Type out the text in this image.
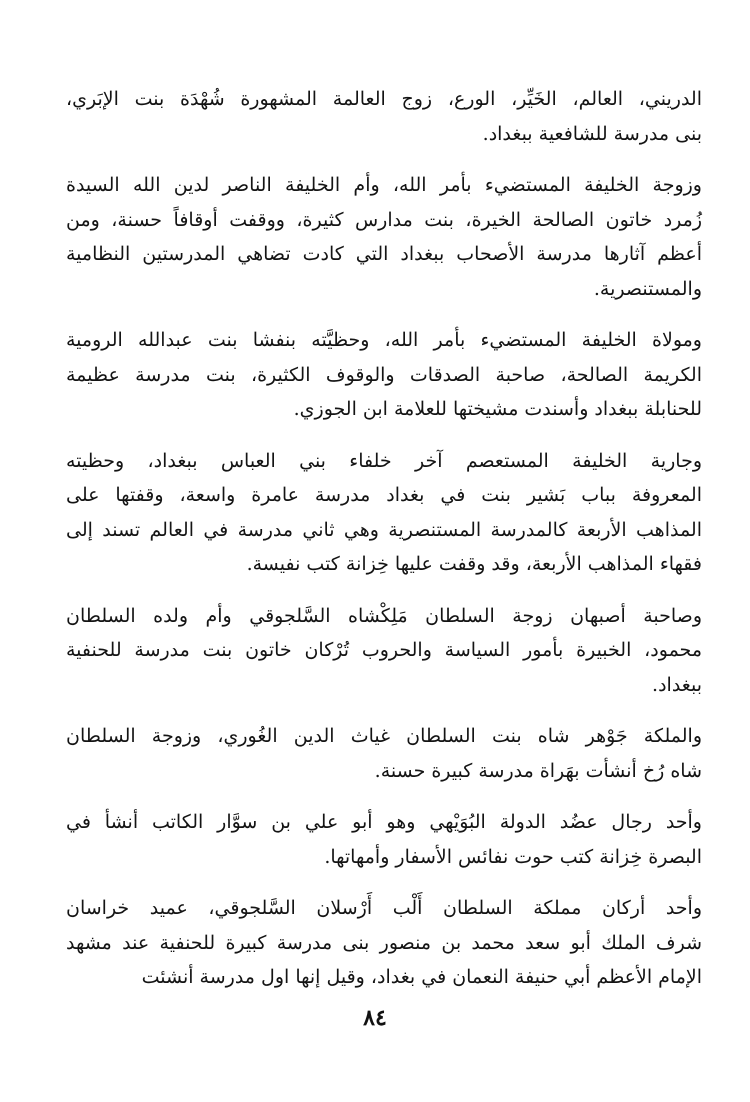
الدريني، العالم، الخَيِّر، الورع، زوج العالمة المشهورة شُهْدَة بنت الإبَري،
بنى مدرسة للشافعية ببغداد.
وزوجة الخليفة المستضيء بأمر الله، وأم الخليفة الناصر لدين الله السيدة
زُمرد خاتون الصالحة الخيرة، بنت مدارس كثيرة، ووقفت أوقافاً حسنة، ومن
أعظم آثارها مدرسة الأصحاب ببغداد التي كادت تضاهي المدرستين النظامية
والمستنصرية.
ومولاة الخليفة المستضيء بأمر الله، وحظيَّته بنفشا بنت عبدالله الرومية
الكريمة الصالحة، صاحبة الصدقات والوقوف الكثيرة، بنت مدرسة عظيمة
للحنابلة ببغداد وأسندت مشيختها للعلامة ابن الجوزي.
وجارية الخليفة المستعصم آخر خلفاء بني العباس ببغداد، وحظيته
المعروفة بباب بَشير بنت في بغداد مدرسة عامرة واسعة، وقفتها على
المذاهب الأربعة كالمدرسة المستنصرية وهي ثاني مدرسة في العالم تسند إلى
فقهاء المذاهب الأربعة، وقد وقفت عليها خِزانة كتب نفيسة.
وصاحبة أصبهان زوجة السلطان مَلِكْشاه السَّلجوقي وأم ولده السلطان
محمود، الخبيرة بأمور السياسة والحروب تُرْكان خاتون بنت مدرسة للحنفية
ببغداد.
والملكة جَوْهر شاه بنت السلطان غياث الدين الغُوري، وزوجة السلطان
شاه رُخ أنشأت بهَراة مدرسة كبيرة حسنة.
وأحد رجال عضُد الدولة البُوَيْهي وهو أبو علي بن سوَّار الكاتب أنشأ في
البصرة خِزانة كتب حوت نفائس الأسفار وأمهاتها.
وأحد أركان مملكة السلطان أَلْب أَرْسلان السَّلجوقي، عميد خراسان
شرف الملك أبو سعد محمد بن منصور بنى مدرسة كبيرة للحنفية عند مشهد
الإمام الأعظم أبي حنيفة النعمان في بغداد، وقيل إنها اول مدرسة أنشئت
٨٤
